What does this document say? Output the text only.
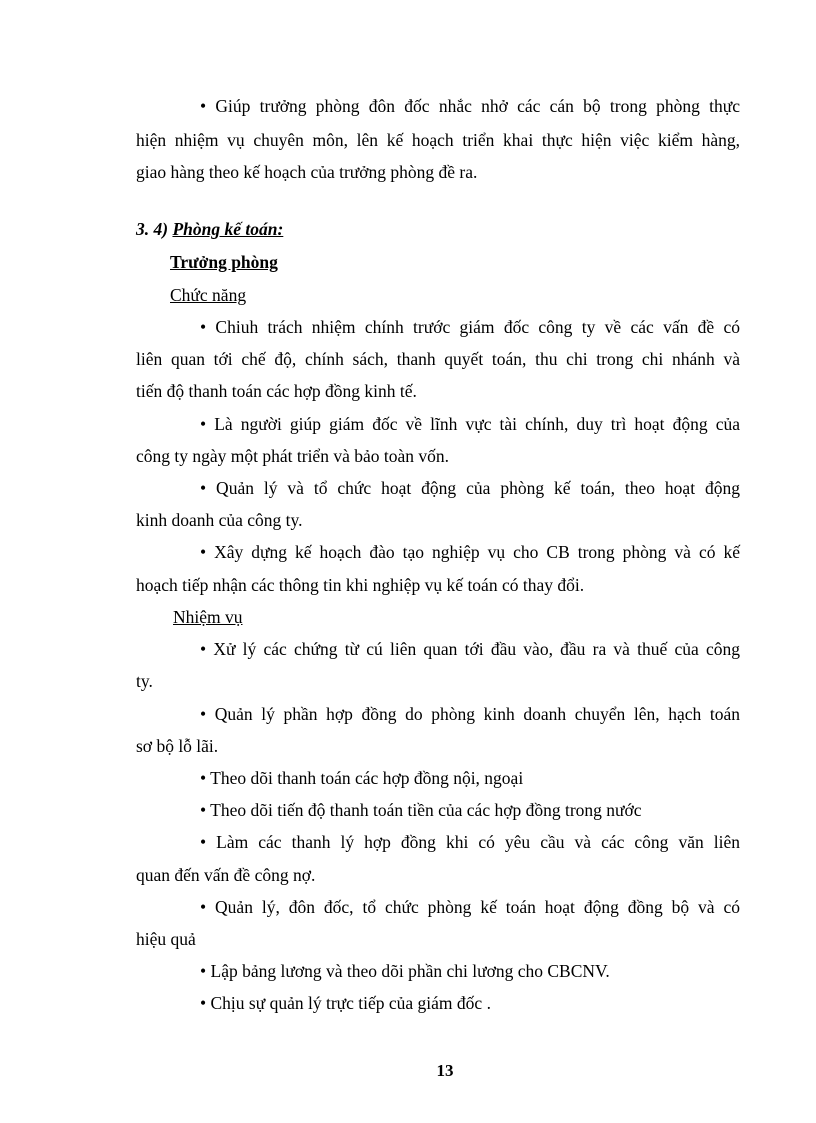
• Giúp trưởng phòng đôn đốc nhắc nhở các cán bộ trong phòng thực
hiện nhiệm vụ chuyên môn, lên kế hoạch triển khai thực hiện việc kiểm hàng,
giao hàng theo kế hoạch của trưởng phòng đề ra.
3. 4) Phòng kế toán:
Trưởng phòng
Chức năng
• Chiuh trách nhiệm chính trước giám đốc công ty về các vấn đề có
liên quan tới chế độ, chính sách, thanh quyết toán, thu chi trong chi nhánh và
tiến độ thanh toán các hợp đồng kinh tế.
• Là người giúp giám đốc về lĩnh vực tài chính, duy trì hoạt động của
công ty ngày một phát triển và bảo toàn vốn.
• Quản lý và tổ chức hoạt động của phòng kế toán, theo hoạt động
kinh doanh của công ty.
• Xây dựng kế hoạch đào tạo nghiệp vụ cho CB trong phòng và có kế
hoạch tiếp nhận các thông tin khi nghiệp vụ kế toán có thay đổi.
Nhiệm vụ
• Xử lý các chứng từ cú liên quan tới đầu vào, đầu ra và thuế của công
ty.
• Quản lý phần hợp đồng do phòng kinh doanh chuyển lên, hạch toán
sơ bộ lỗ lãi.
• Theo dõi thanh toán các hợp đồng nội, ngoại
• Theo dõi tiến độ thanh toán tiền của các hợp đồng trong nước
• Làm các thanh lý hợp đồng khi có yêu cầu và các công văn liên
quan đến vấn đề công nợ.
• Quản lý, đôn đốc, tổ chức phòng kế toán hoạt động đồng bộ và có
hiệu quả
• Lập bảng lương và theo dõi phần chi lương cho CBCNV.
• Chịu sự quản lý trực tiếp của giám đốc .
13
